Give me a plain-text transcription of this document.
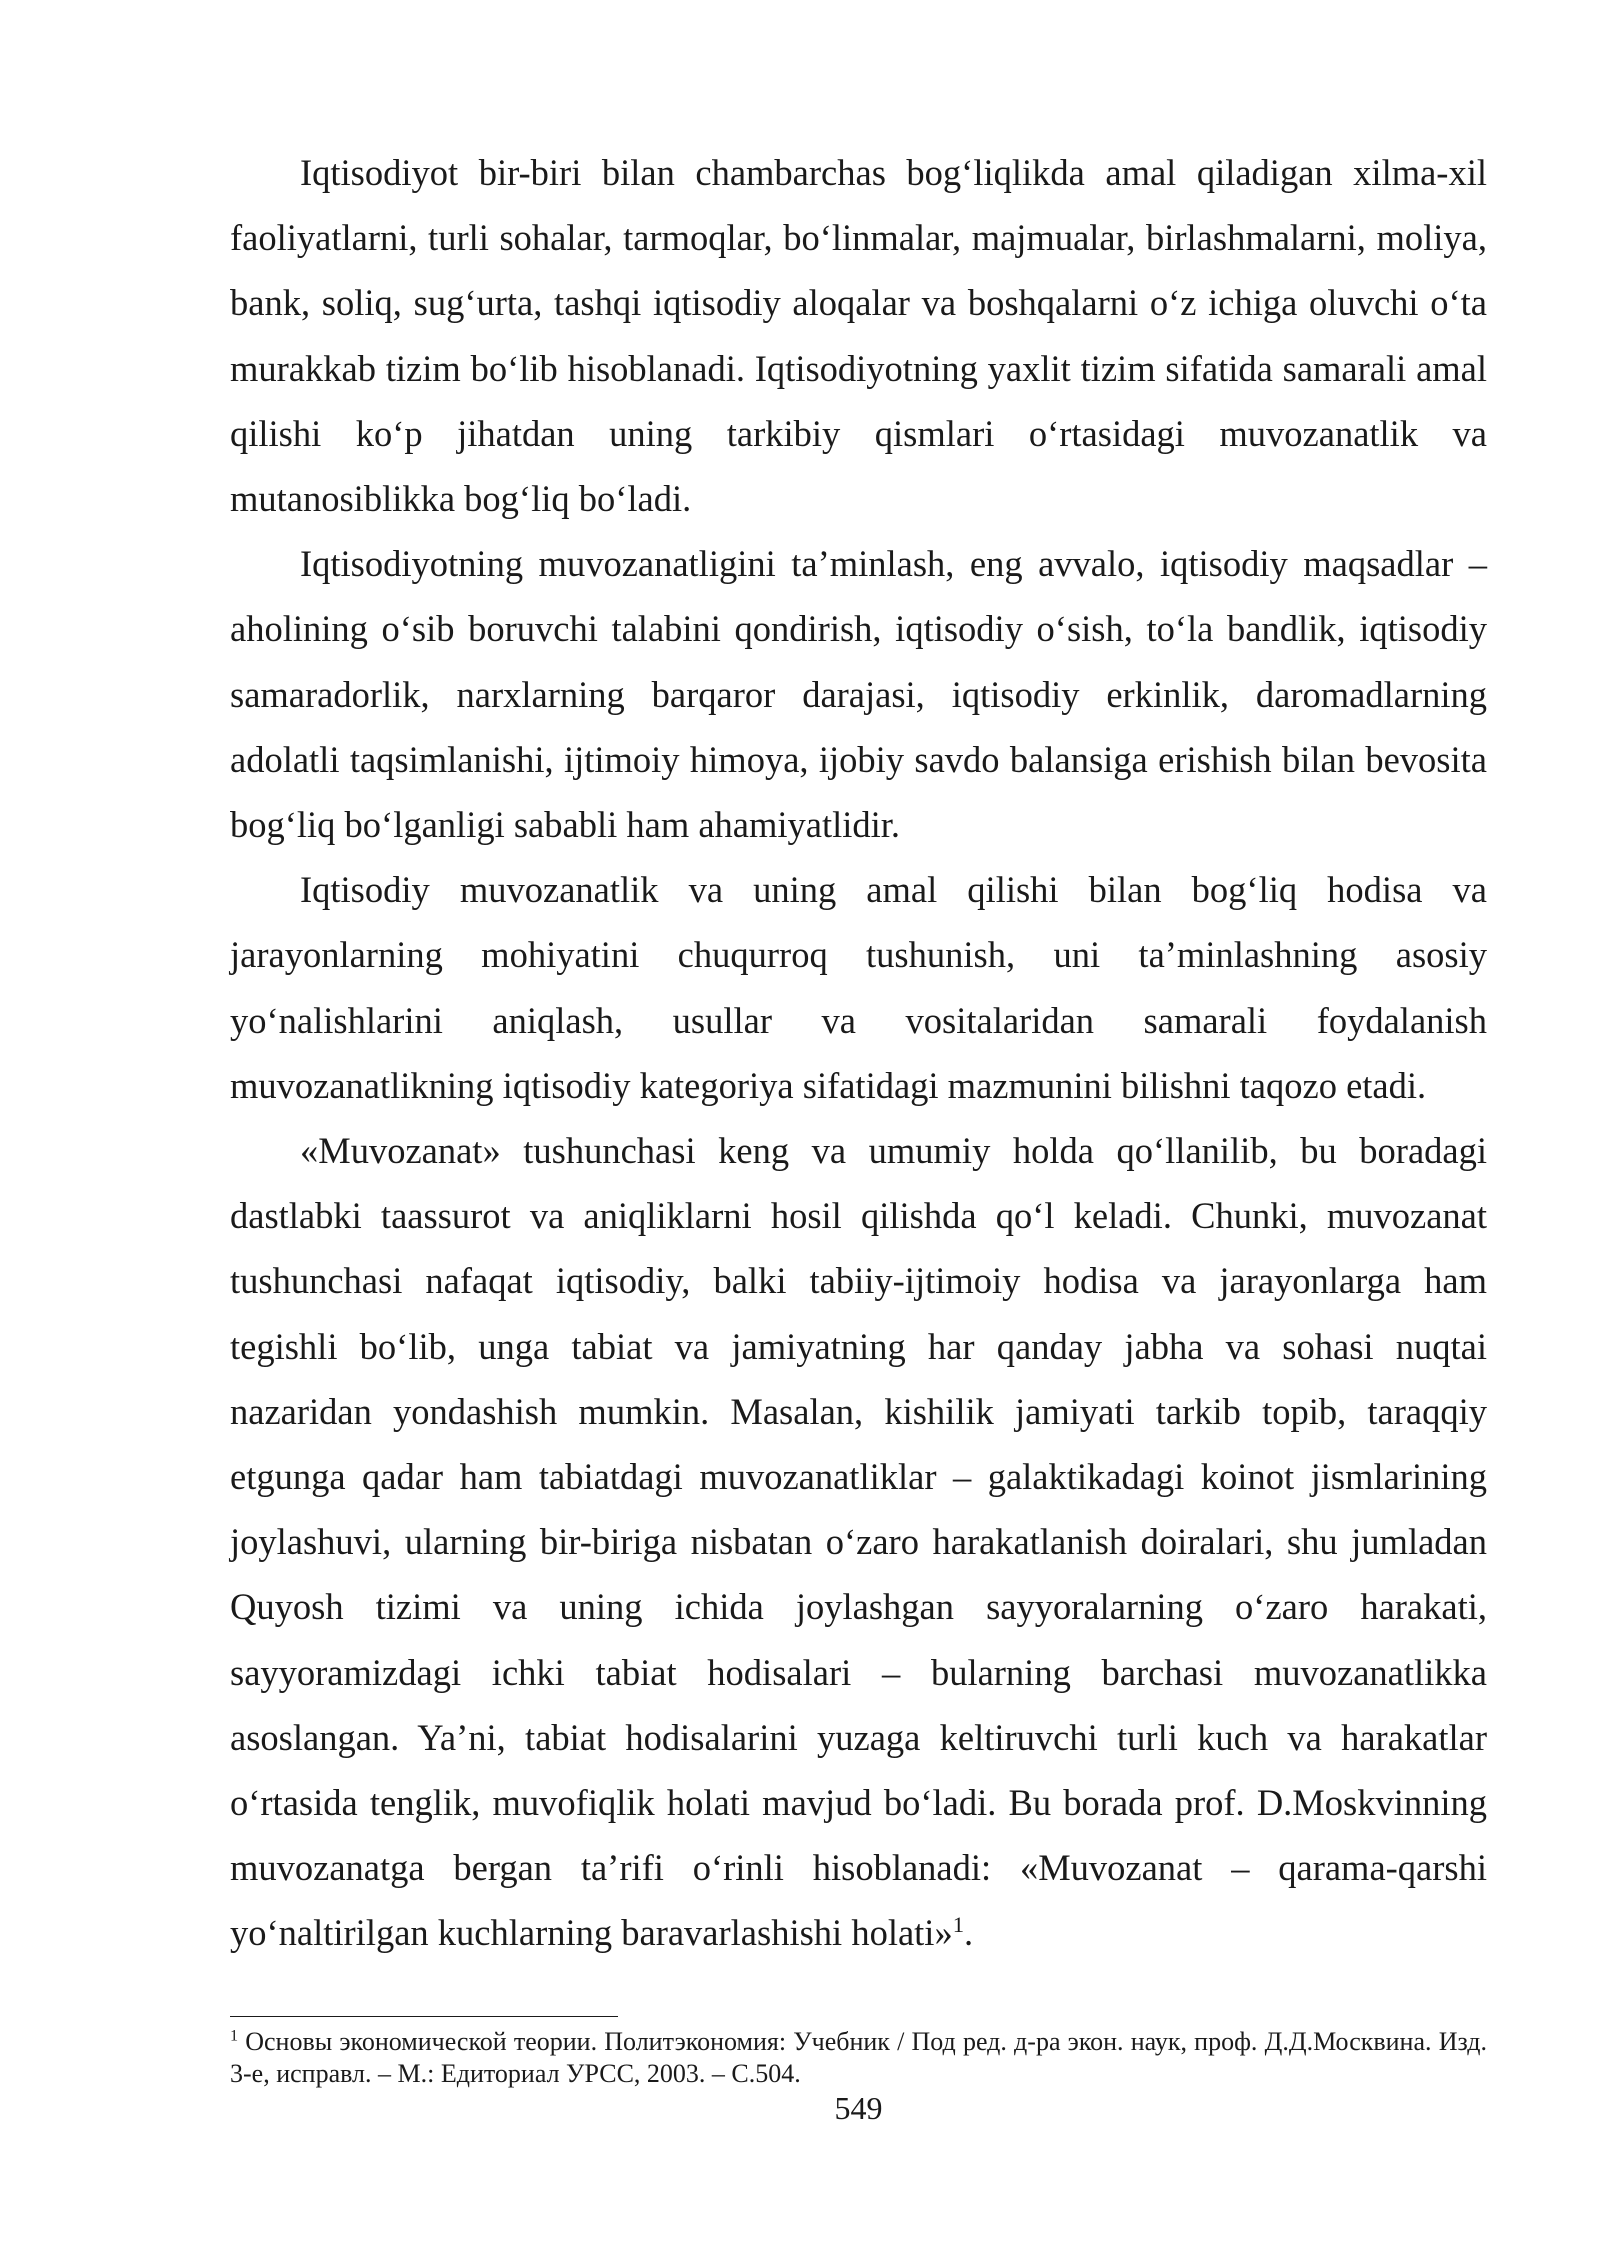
Iqtisodiyot bir-biri bilan chambarchas bog‘liqlikda amal qiladigan xilma-xil faoliyatlarni, turli sohalar, tarmoqlar, bo‘linmalar, majmualar, birlashmalarni, moliya, bank, soliq, sug‘urta, tashqi iqtisodiy aloqalar va boshqalarni o‘z ichiga oluvchi o‘ta murakkab tizim bo‘lib hisoblanadi. Iqtisodiyotning yaxlit tizim sifatida samarali amal qilishi ko‘p jihatdan uning tarkibiy qismlari o‘rtasidagi muvozanatlik va mutanosiblikka bog‘liq bo‘ladi.

Iqtisodiyotning muvozanatligini ta’minlash, eng avvalo, iqtisodiy maqsadlar – aholining o‘sib boruvchi talabini qondirish, iqtisodiy o‘sish, to‘la bandlik, iqtisodiy samaradorlik, narxlarning barqaror darajasi, iqtisodiy erkinlik, daromadlarning adolatli taqsimlanishi, ijtimoiy himoya, ijobiy savdo balansiga erishish bilan bevosita bog‘liq bo‘lganligi sababli ham ahamiyatlidir.

Iqtisodiy muvozanatlik va uning amal qilishi bilan bog‘liq hodisa va jarayonlarning mohiyatini chuqurroq tushunish, uni ta’minlashning asosiy yo‘nalishlarini aniqlash, usullar va vositalaridan samarali foydalanish muvozanatlikning iqtisodiy kategoriya sifatidagi mazmunini bilishni taqozo etadi.

«Muvozanat» tushunchasi keng va umumiy holda qo‘llanilib, bu boradagi dastlabki taassurot va aniqliklarni hosil qilishda qo‘l keladi. Chunki, muvozanat tushunchasi nafaqat iqtisodiy, balki tabiiy-ijtimoiy hodisa va jarayonlarga ham tegishli bo‘lib, unga tabiat va jamiyatning har qanday jabha va sohasi nuqtai nazaridan yondashish mumkin. Masalan, kishilik jamiyati tarkib topib, taraqqiy etgunga qadar ham tabiatdagi muvozanatliklar – galaktikadagi koinot jismlarining joylashuvi, ularning bir-biriga nisbatan o‘zaro harakatlanish doiralari, shu jumladan Quyosh tizimi va uning ichida joylashgan sayyoralarning o‘zaro harakati, sayyoramizdagi ichki tabiat hodisalari – bularning barchasi muvozanatlikka asoslangan. Ya’ni, tabiat hodisalarini yuzaga keltiruvchi turli kuch va harakatlar o‘rtasida tenglik, muvofiqlik holati mavjud bo‘ladi. Bu borada prof. D.Moskvinning muvozanatga bergan ta’rifi o‘rinli hisoblanadi: «Muvozanat – qarama-qarshi yo‘naltirilgan kuchlarning baravarlashishi holati»$^1$.

$^1$ Основы экономической теории. Политэкономия: Учебник / Под ред. д-ра экон. наук, проф. Д.Д.Москвина. Изд. 3-е, исправл. – М.: Едиториал УРСС, 2003. – С.504.

549
